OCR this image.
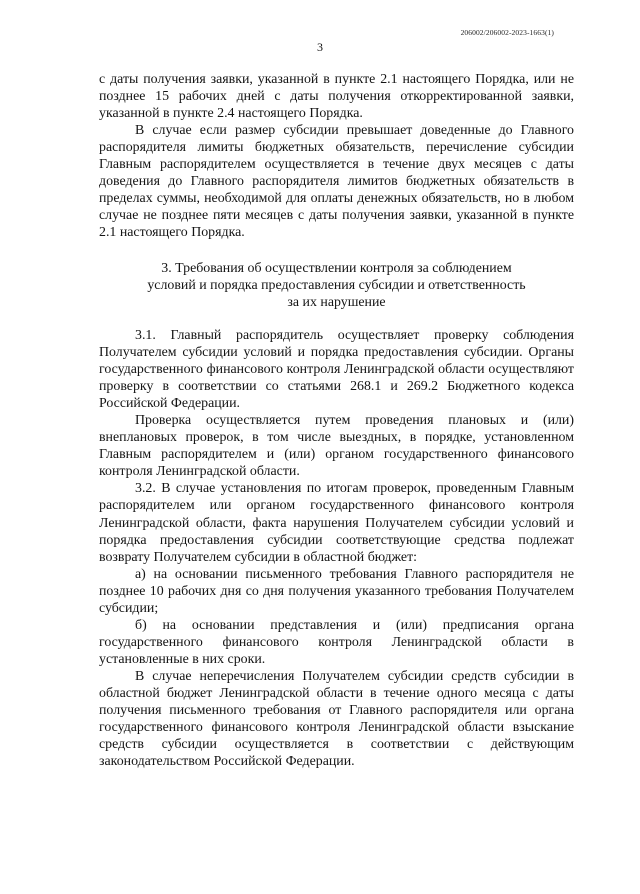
206002/206002-2023-1663(1)
3

с даты получения заявки, указанной в пункте 2.1 настоящего Порядка, или не позднее 15 рабочих дней с даты получения откорректированной заявки, указанной в пункте 2.4 настоящего Порядка.

В случае если размер субсидии превышает доведенные до Главного распорядителя лимиты бюджетных обязательств, перечисление субсидии Главным распорядителем осуществляется в течение двух месяцев с даты доведения до Главного распорядителя лимитов бюджетных обязательств в пределах суммы, необходимой для оплаты денежных обязательств, но в любом случае не позднее пяти месяцев с даты получения заявки, указанной в пункте 2.1 настоящего Порядка.

3. Требования об осуществлении контроля за соблюдением
условий и порядка предоставления субсидии и ответственность
за их нарушение

3.1. Главный распорядитель осуществляет проверку соблюдения Получателем субсидии условий и порядка предоставления субсидии. Органы государственного финансового контроля Ленинградской области осуществляют проверку в соответствии со статьями 268.1 и 269.2 Бюджетного кодекса Российской Федерации.

Проверка осуществляется путем проведения плановых и (или) внеплановых проверок, в том числе выездных, в порядке, установленном Главным распорядителем и (или) органом государственного финансового контроля Ленинградской области.

3.2. В случае установления по итогам проверок, проведенным Главным распорядителем или органом государственного финансового контроля Ленинградской области, факта нарушения Получателем субсидии условий и порядка предоставления субсидии соответствующие средства подлежат возврату Получателем субсидии в областной бюджет:

а) на основании письменного требования Главного распорядителя не позднее 10 рабочих дня со дня получения указанного требования Получателем субсидии;

б) на основании представления и (или) предписания органа государственного финансового контроля Ленинградской области в установленные в них сроки.

В случае неперечисления Получателем субсидии средств субсидии в областной бюджет Ленинградской области в течение одного месяца с даты получения письменного требования от Главного распорядителя или органа государственного финансового контроля Ленинградской области взыскание средств субсидии осуществляется в соответствии с действующим законодательством Российской Федерации.
